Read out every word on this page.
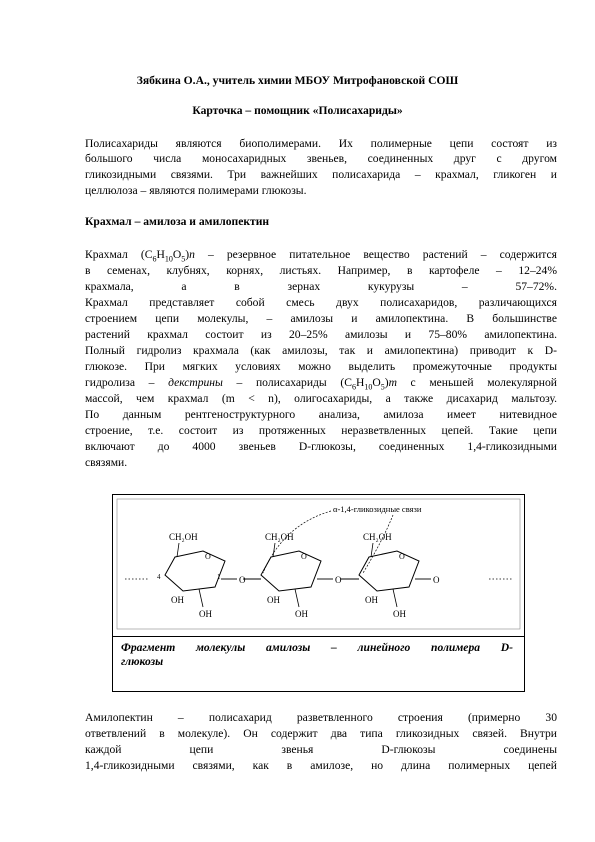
Зябкина О.А., учитель химии МБОУ Митрофановской СОШ
Карточка – помощник «Полисахариды»
Полисахариды являются биополимерами. Их полимерные цепи состоят из
большого числа моносахаридных звеньев, соединенных друг с другом
гликозидными связями. Три важнейших полисахарида – крахмал, гликоген и
целлюлоза – являются полимерами глюкозы.
Крахмал – амилоза и амилопектин
Крахмал $(C_6H_{10}O_5)n$ – резервное питательное вещество растений – содержится
в семенах, клубнях, корнях, листьях. Например, в картофеле – 12–24%
крахмала, а в зернах кукурузы – 57–72%.
Крахмал представляет собой смесь двух полисахаридов, различающихся
строением цепи молекулы, – амилозы и амилопектина. В большинстве
растений крахмал состоит из 20–25% амилозы и 75–80% амилопектина.
Полный гидролиз крахмала (как амилозы, так и амилопектина) приводит к D-
глюкозе. При мягких условиях можно выделить промежуточные продукты
гидролиза – декстрины – полисахариды $(C_6H_{10}O_5)m$ с меньшей молекулярной
массой, чем крахмал (m < n), олигосахариды, а также дисахарид мальтозу.
По данным рентгеноструктурного анализа, амилоза имеет нитевидное
строение, т.е. состоит из протяженных неразветвленных цепей. Такие цепи
включают до 4000 звеньев D-глюкозы, соединенных 1,4-гликозидными
связями.
α-1,4-гликозидные связи
CH₂OH
O
4	1
OH
OH
O
CH₂OH
O
OH
OH
O
CH₂OH
O
OH
OH
O
Фрагмент молекулы амилозы – линейного полимера D-
глюкозы
Амилопектин – полисахарид разветвленного строения (примерно 30
ответвлений в молекуле). Он содержит два типа гликозидных связей. Внутри
каждой цепи звенья D-глюкозы соединены
1,4-гликозидными связями, как в амилозе, но длина полимерных цепей
